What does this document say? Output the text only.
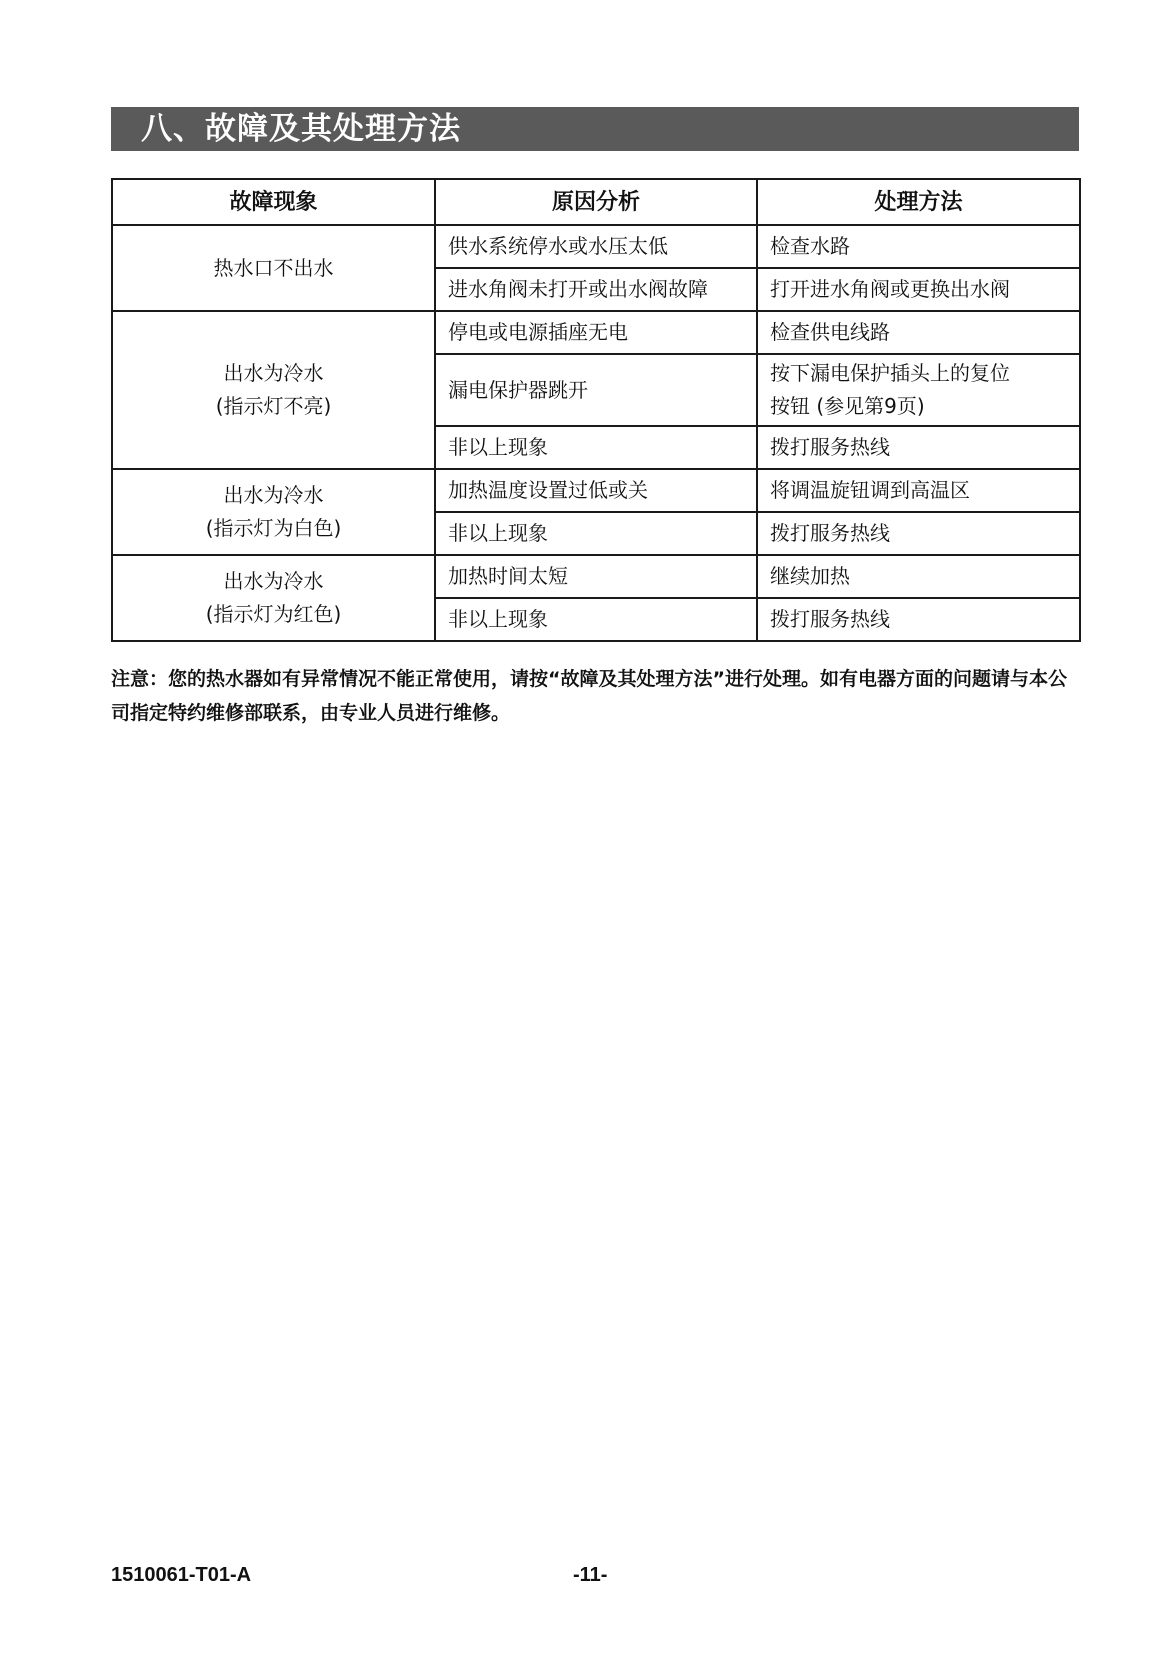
八、故障及其处理方法
故障现象	原因分析	处理方法

热水口不出水	供水系统停水或水压太低	检查水路
	进水角阀未打开或出水阀故障	打开进水角阀或更换出水阀

出水为冷水
(指示灯不亮)	停电或电源插座无电	检查供电线路
	漏电保护器跳开	按下漏电保护插头上的复位
按钮 (参见第9页)

	非以上现象	拨打服务热线

出水为冷水
(指示灯为白色)	加热温度设置过低或关	将调温旋钮调到高温区
	非以上现象	拨打服务热线

出水为冷水
(指示灯为红色)	加热时间太短	继续加热
	非以上现象	拨打服务热线

注意：您的热水器如有异常情况不能正常使用，请按“故障及其处理方法”进行处理。如有电器方面的问题请与本公司指定特约维修部联系，由专业人员进行维修。

1510061-T01-A	-11-
